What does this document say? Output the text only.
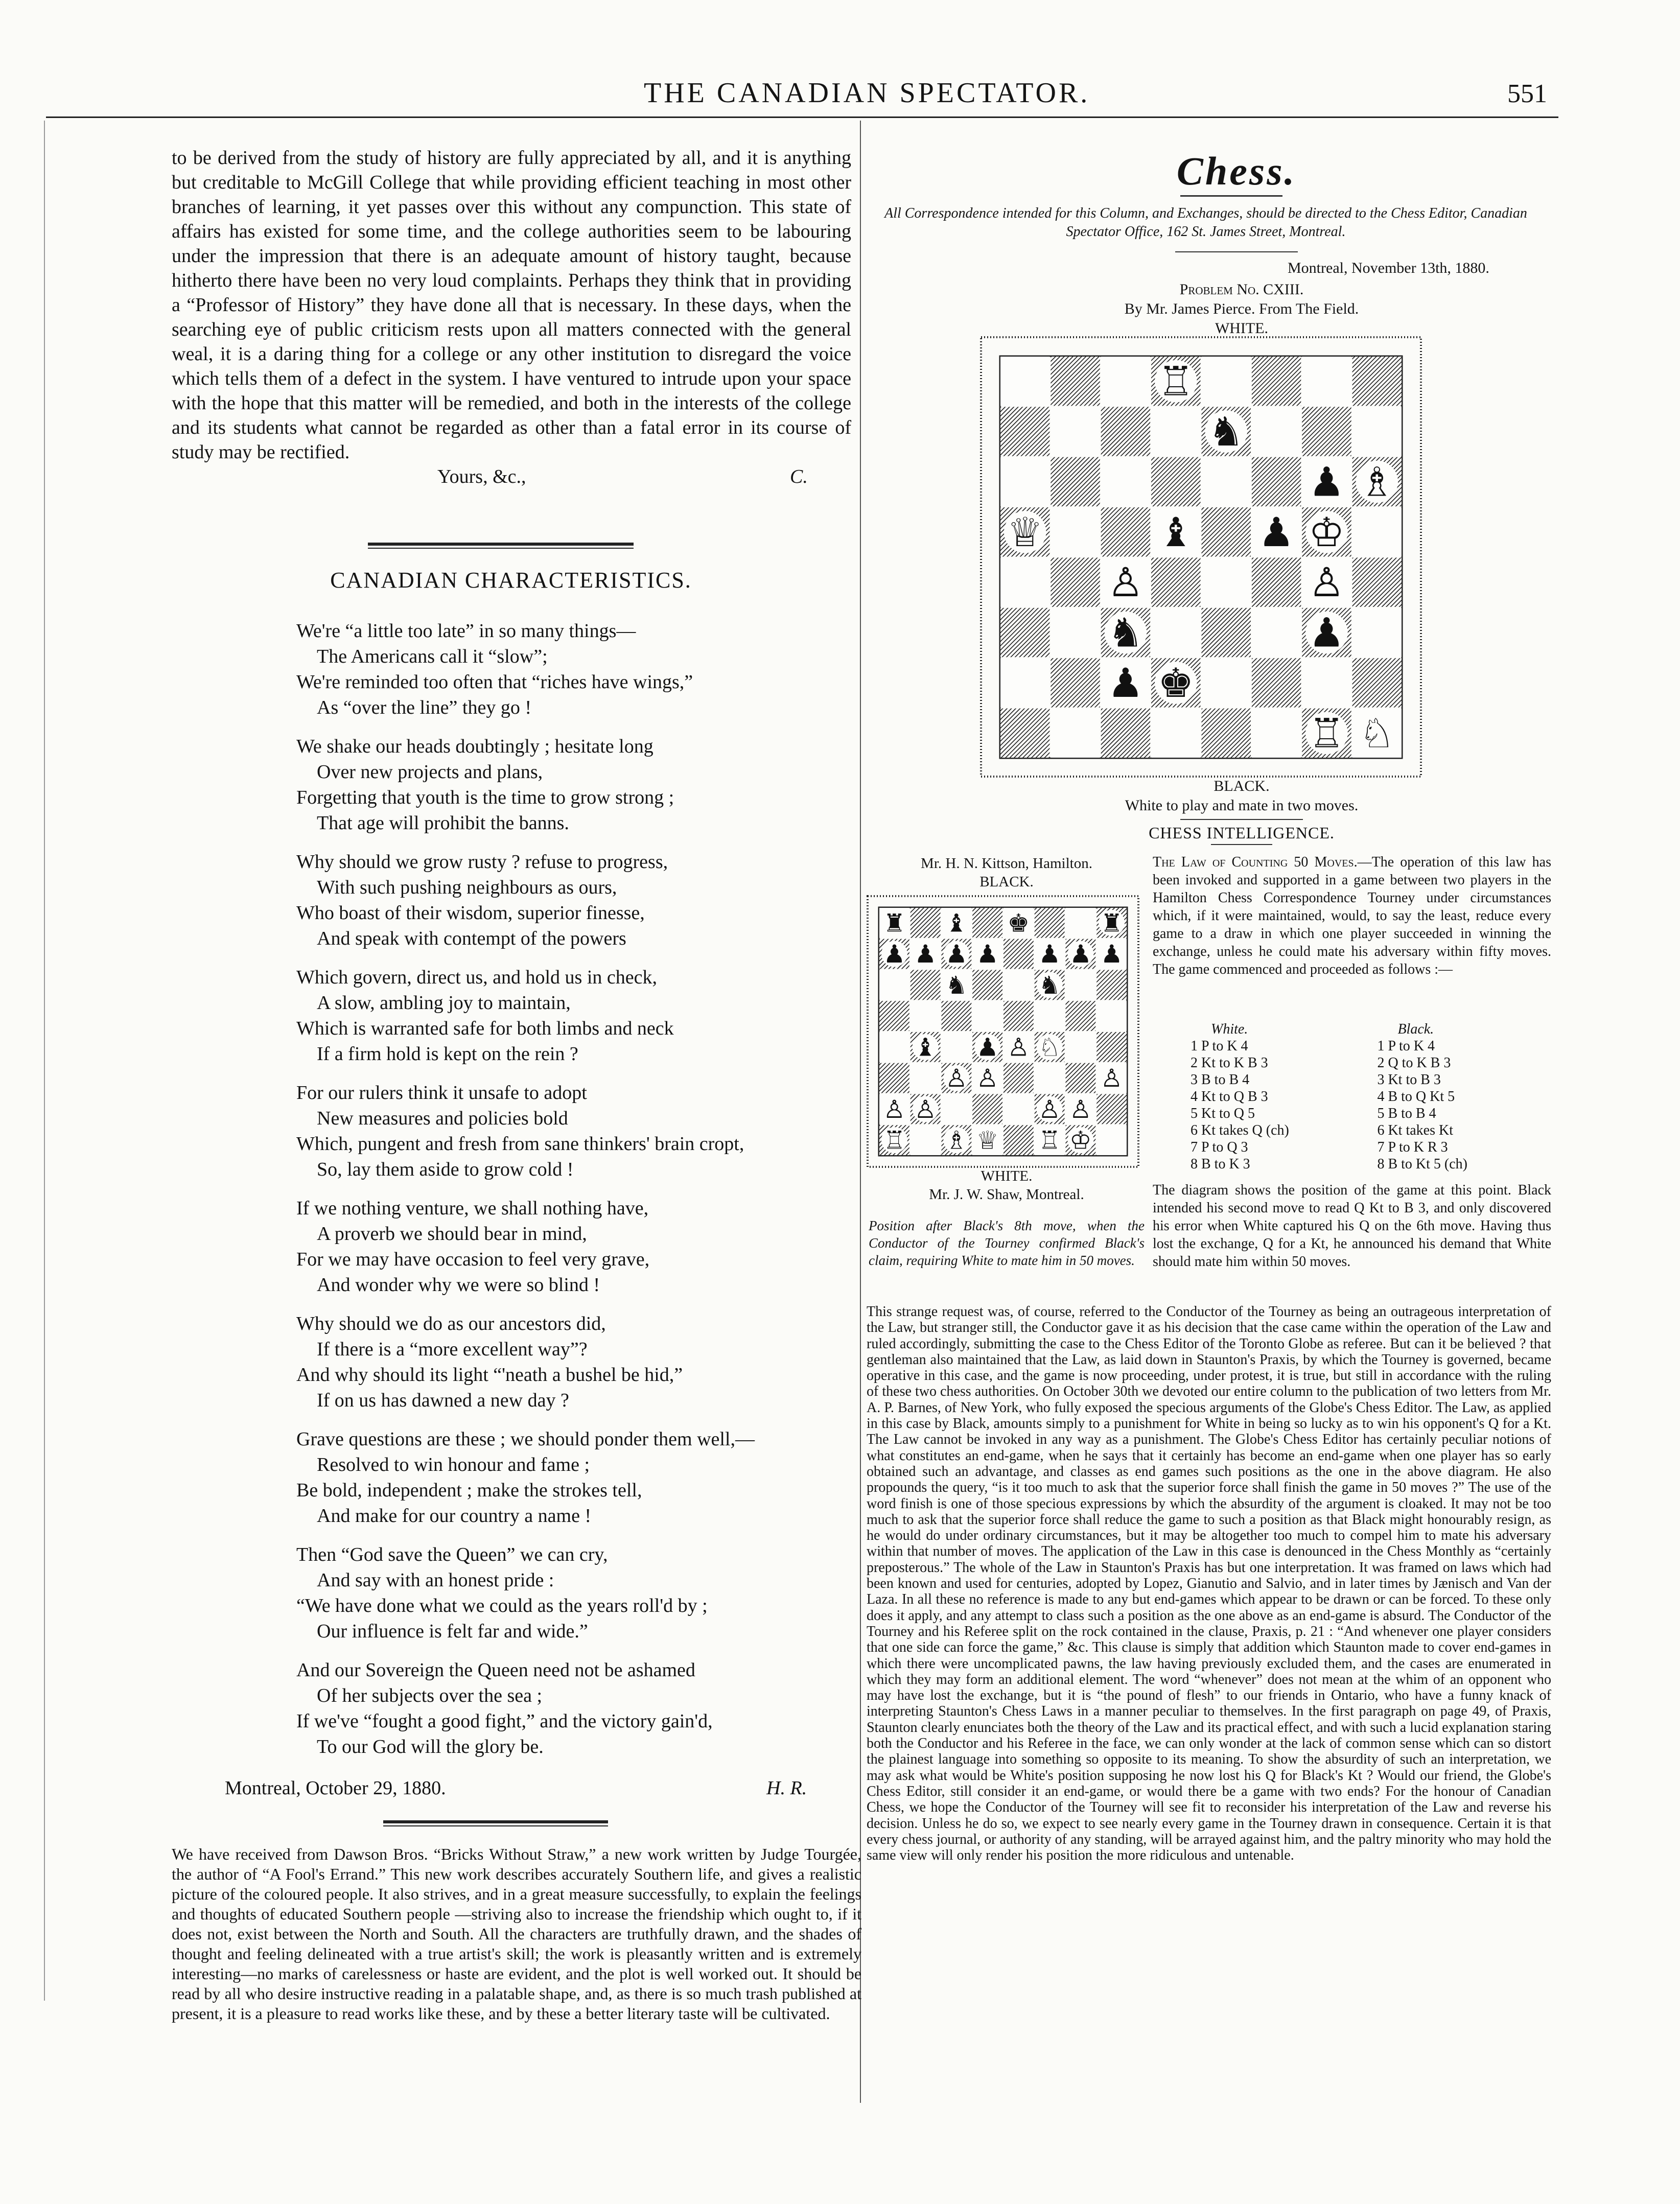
THE CANADIAN SPECTATOR.	551

to be derived from the study of history are fully appreciated by all, and it is anything but creditable to McGill College that while providing efficient teaching in most other branches of learning, it yet passes over this without any compunction. This state of affairs has existed for some time, and the college authorities seem to be labouring under the impression that there is an adequate amount of history taught, because hitherto there have been no very loud complaints. Perhaps they think that in providing a “Professor of History” they have done all that is necessary. In these days, when the searching eye of public criticism rests upon all matters connected with the general weal, it is a daring thing for a college or any other institution to disregard the voice which tells them of a defect in the system. I have ventured to intrude upon your space with the hope that this matter will be remedied, and both in the interests of the college and its students what cannot be regarded as other than a fatal error in its course of study may be rectified.

Yours, &c.,	C.
CANADIAN CHARACTERISTICS.
We're “a little too late” in so many things—
The Americans call it “slow”;
We're reminded too often that “riches have wings,”
As “over the line” they go !
We shake our heads doubtingly ; hesitate long
Over new projects and plans,
Forgetting that youth is the time to grow strong ;
That age will prohibit the banns.
Why should we grow rusty ? refuse to progress,
With such pushing neighbours as ours,
Who boast of their wisdom, superior finesse,
And speak with contempt of the powers
Which govern, direct us, and hold us in check,
A slow, ambling joy to maintain,
Which is warranted safe for both limbs and neck
If a firm hold is kept on the rein ?
For our rulers think it unsafe to adopt
New measures and policies bold
Which, pungent and fresh from sane thinkers' brain cropt,
So, lay them aside to grow cold !
If we nothing venture, we shall nothing have,
A proverb we should bear in mind,
For we may have occasion to feel very grave,
And wonder why we were so blind !
Why should we do as our ancestors did,
If there is a “more excellent way”?
And why should its light “'neath a bushel be hid,”
If on us has dawned a new day ?
Grave questions are these ; we should ponder them well,—
Resolved to win honour and fame ;
Be bold, independent ; make the strokes tell,
And make for our country a name !
Then “God save the Queen” we can cry,
And say with an honest pride :
“We have done what we could as the years roll'd by ;
Our influence is felt far and wide.”
And our Sovereign the Queen need not be ashamed
Of her subjects over the sea ;
If we've “fought a good fight,” and the victory gain'd,
To our God will the glory be.
Montreal, October 29, 1880.	H. R.

We have received from Dawson Bros. “Bricks Without Straw,” a new work written by Judge Tourgée, the author of “A Fool's Errand.” This new work describes accurately Southern life, and gives a realistic picture of the coloured people. It also strives, and in a great measure successfully, to explain the feelings and thoughts of educated Southern people —striving also to increase the friendship which ought to, if it does not, exist between the North and South. All the characters are truthfully drawn, and the shades of thought and feeling delineated with a true artist's skill; the work is pleasantly written and is extremely interesting—no marks of carelessness or haste are evident, and the plot is well worked out. It should be read by all who desire instructive reading in a palatable shape, and, as there is so much trash published at present, it is a pleasure to read works like these, and by these a better literary taste will be cultivated.

Chess.
All Correspondence intended for this Column, and Exchanges, should be directed to the Chess Editor, Canadian Spectator Office, 162 St. James Street, Montreal.
Montreal, November 13th, 1880.
Problem No. CXIII.
By Mr. James Pierce. From The Field.
WHITE.
♘
♖
♚
♟
♟
♞
♙
♙
♔
♟
♝
♕
♗
♟
♞
♖
BLACK.
White to play and mate in two moves.
CHESS INTELLIGENCE.
Mr. H. N. Kittson, Hamilton.
BLACK.
♜ ♝ ♚	♜
♟ ♟ ♟ ♟ ♟ ♟ ♟
♞	♞
♝	♙
♟ ♘
♙ ♙	♙
♙ ♙	♙ ♙
♖ ♗ ♕ ♖ ♔
WHITE.
Mr. J. W. Shaw, Montreal.
Position after Black's 8th move, when the Conductor of the Tourney confirmed Black's claim, requiring White to mate him in 50 moves.

The Law of Counting 50 Moves.—The operation of this law has been invoked and supported in a game between two players in the Hamilton Chess Correspondence Tourney under circumstances which, if it were maintained, would, to say the least, reduce every game to a draw in which one player succeeded in winning the exchange, unless he could mate his adversary within fifty moves. The game commenced and proceeded as follows :—

White.	Black.
1 P to K 4	1 P to K 4
2 Kt to K B 3	2 Q to K B 3
3 B to B 4	3 Kt to B 3
4 Kt to Q B 3	4 B to Q Kt 5
5 Kt to Q 5	5 B to B 4
6 Kt takes Q (ch)	6 Kt takes Kt
7 P to Q 3	7 P to K R 3
8 B to K 3	8 B to Kt 5 (ch)

The diagram shows the position of the game at this point. Black intended his second move to read Q Kt to B 3, and only discovered his error when White captured his Q on the 6th move. Having thus lost the exchange, Q for a Kt, he announced his demand that White should mate him within 50 moves.

This strange request was, of course, referred to the Conductor of the Tourney as being an outrageous interpretation of the Law, but stranger still, the Conductor gave it as his decision that the case came within the operation of the Law and ruled accordingly, submitting the case to the Chess Editor of the Toronto Globe as referee. But can it be believed ? that gentleman also maintained that the Law, as laid down in Staunton's Praxis, by which the Tourney is governed, became operative in this case, and the game is now proceeding, under protest, it is true, but still in accordance with the ruling of these two chess authorities. On October 30th we devoted our entire column to the publication of two letters from Mr. A. P. Barnes, of New York, who fully exposed the specious arguments of the Globe's Chess Editor. The Law, as applied in this case by Black, amounts simply to a punishment for White in being so lucky as to win his opponent's Q for a Kt. The Law cannot be invoked in any way as a punishment. The Globe's Chess Editor has certainly peculiar notions of what constitutes an end-game, when he says that it certainly has become an end-game when one player has so early obtained such an advantage, and classes as end games such positions as the one in the above diagram. He also propounds the query, “is it too much to ask that the superior force shall finish the game in 50 moves ?” The use of the word finish is one of those specious expressions by which the absurdity of the argument is cloaked. It may not be too much to ask that the superior force shall reduce the game to such a position as that Black might honourably resign, as he would do under ordinary circumstances, but it may be altogether too much to compel him to mate his adversary within that number of moves. The application of the Law in this case is denounced in the Chess Monthly as “certainly preposterous.” The whole of the Law in Staunton's Praxis has but one interpretation. It was framed on laws which had been known and used for centuries, adopted by Lopez, Gianutio and Salvio, and in later times by Jænisch and Van der Laza. In all these no reference is made to any but end-games which appear to be drawn or can be forced. To these only does it apply, and any attempt to class such a position as the one above as an end-game is absurd. The Conductor of the Tourney and his Referee split on the rock contained in the clause, Praxis, p. 21 : “And whenever one player considers that one side can force the game,” &c. This clause is simply that addition which Staunton made to cover end-games in which there were uncomplicated pawns, the law having previously excluded them, and the cases are enumerated in which they may form an additional element. The word “whenever” does not mean at the whim of an opponent who may have lost the exchange, but it is “the pound of flesh” to our friends in Ontario, who have a funny knack of interpreting Staunton's Chess Laws in a manner peculiar to themselves. In the first paragraph on page 49, of Praxis, Staunton clearly enunciates both the theory of the Law and its practical effect, and with such a lucid explanation staring both the Conductor and his Referee in the face, we can only wonder at the lack of common sense which can so distort the plainest language into something so opposite to its meaning. To show the absurdity of such an interpretation, we may ask what would be White's position supposing he now lost his Q for Black's Kt ? Would our friend, the Globe's Chess Editor, still consider it an end-game, or would there be a game with two ends? For the honour of Canadian Chess, we hope the Conductor of the Tourney will see fit to reconsider his interpretation of the Law and reverse his decision. Unless he do so, we expect to see nearly every game in the Tourney drawn in consequence. Certain it is that every chess journal, or authority of any standing, will be arrayed against him, and the paltry minority who may hold the same view will only render his position the more ridiculous and untenable.
